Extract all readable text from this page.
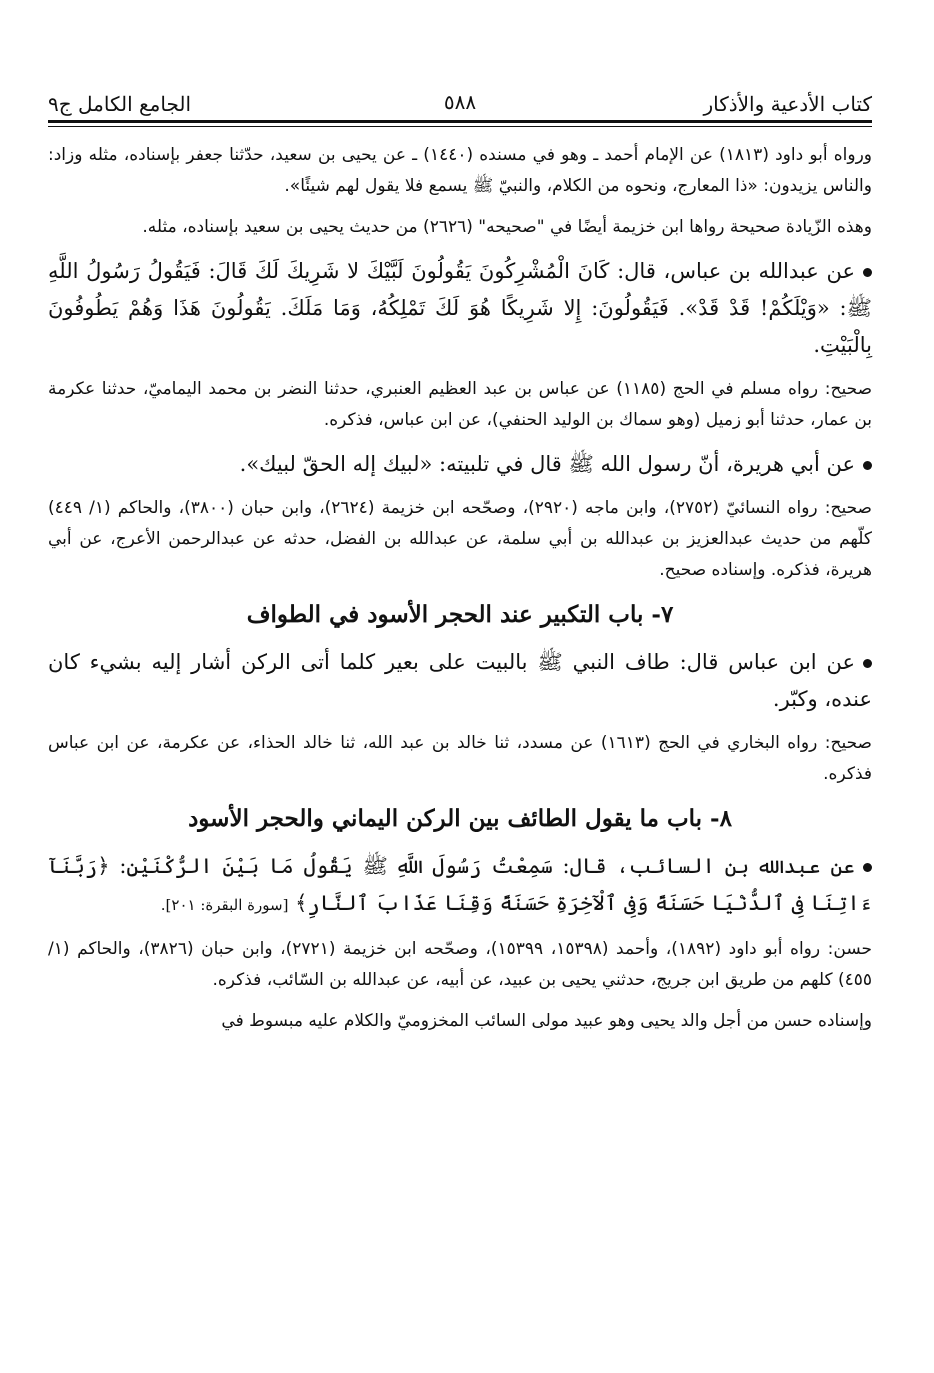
كتاب الأدعية والأذكار
٥٨٨
الجامع الكامل ج٩

ورواه أبو داود (١٨١٣) عن الإمام أحمد ـ وهو في مسنده (١٤٤٠) ـ عن يحيى بن سعيد، حدّثنا جعفر بإسناده، مثله وزاد: والناس يزيدون: «ذا المعارج، ونحوه من الكلام، والنبيّ ﷺ يسمع فلا يقول لهم شيئًا».

وهذه الزّيادة صحيحة رواها ابن خزيمة أيضًا في "صحيحه" (٢٦٢٦) من حديث يحيى بن سعيد بإسناده، مثله.

عن عبدالله بن عباس، قال: كَانَ الْمُشْرِكُونَ يَقُولُونَ لَبَّيْكَ لا شَرِيكَ لَكَ قَالَ: فَيَقُولُ رَسُولُ اللَّهِ ﷺ: «وَيْلَكُمْ! قَدْ قَدْ». فَيَقُولُونَ: إِلا شَرِيكًا هُوَ لَكَ تَمْلِكُهُ، وَمَا مَلَكَ. يَقُولُونَ هَذَا وَهُمْ يَطُوفُونَ بِالْبَيْتِ.

صحيح: رواه مسلم في الحج (١١٨٥) عن عباس بن عبد العظيم العنبري، حدثنا النضر بن محمد اليماميّ، حدثنا عكرمة بن عمار، حدثنا أبو زميل (وهو سماك بن الوليد الحنفي)، عن ابن عباس، فذكره.

عن أبي هريرة، أنّ رسول الله ﷺ قال في تلبيته: «لبيك إله الحقّ لبيك».

صحيح: رواه النسائيّ (٢٧٥٢)، وابن ماجه (٢٩٢٠)، وصحّحه ابن خزيمة (٢٦٢٤)، وابن حبان (٣٨٠٠)، والحاكم (١/ ٤٤٩) كلّهم من حديث عبدالعزيز بن عبدالله بن أبي سلمة، عن عبدالله بن الفضل، حدثه عن عبدالرحمن الأعرج، عن أبي هريرة، فذكره. وإسناده صحيح.

٧- باب التكبير عند الحجر الأسود في الطواف

عن ابن عباس قال: طاف النبي ﷺ بالبيت على بعير كلما أتى الركن أشار إليه بشيء كان عنده، وكبّر.

صحيح: رواه البخاري في الحج (١٦١٣) عن مسدد، ثنا خالد بن عبد الله، ثنا خالد الحذاء، عن عكرمة، عن ابن عباس فذكره.

٨- باب ما يقول الطائف بين الركن اليماني والحجر الأسود

عن عبدالله بن السائب، قال: سَمِعْتُ رَسُولَ اللَّهِ ﷺ يَقُولُ مَا بَيْنَ الرُّكْنَيْنِ: ﴿رَبَّنَآ ءَاتِنَا فِى ٱلدُّنْيَا حَسَنَةً وَفِى ٱلْآخِرَةِ حَسَنَةً وَقِنَا عَذَابَ ٱلنَّارِ﴾ [سورة البقرة: ٢٠١].

حسن: رواه أبو داود (١٨٩٢)، وأحمد (١٥٣٩٨، ١٥٣٩٩)، وصحّحه ابن خزيمة (٢٧٢١)، وابن حبان (٣٨٢٦)، والحاكم (١/ ٤٥٥) كلهم من طريق ابن جريج، حدثني يحيى بن عبيد، عن أبيه، عن عبدالله بن السّائب، فذكره.

وإسناده حسن من أجل والد يحيى وهو عبيد مولى السائب المخزوميّ والكلام عليه مبسوط في
